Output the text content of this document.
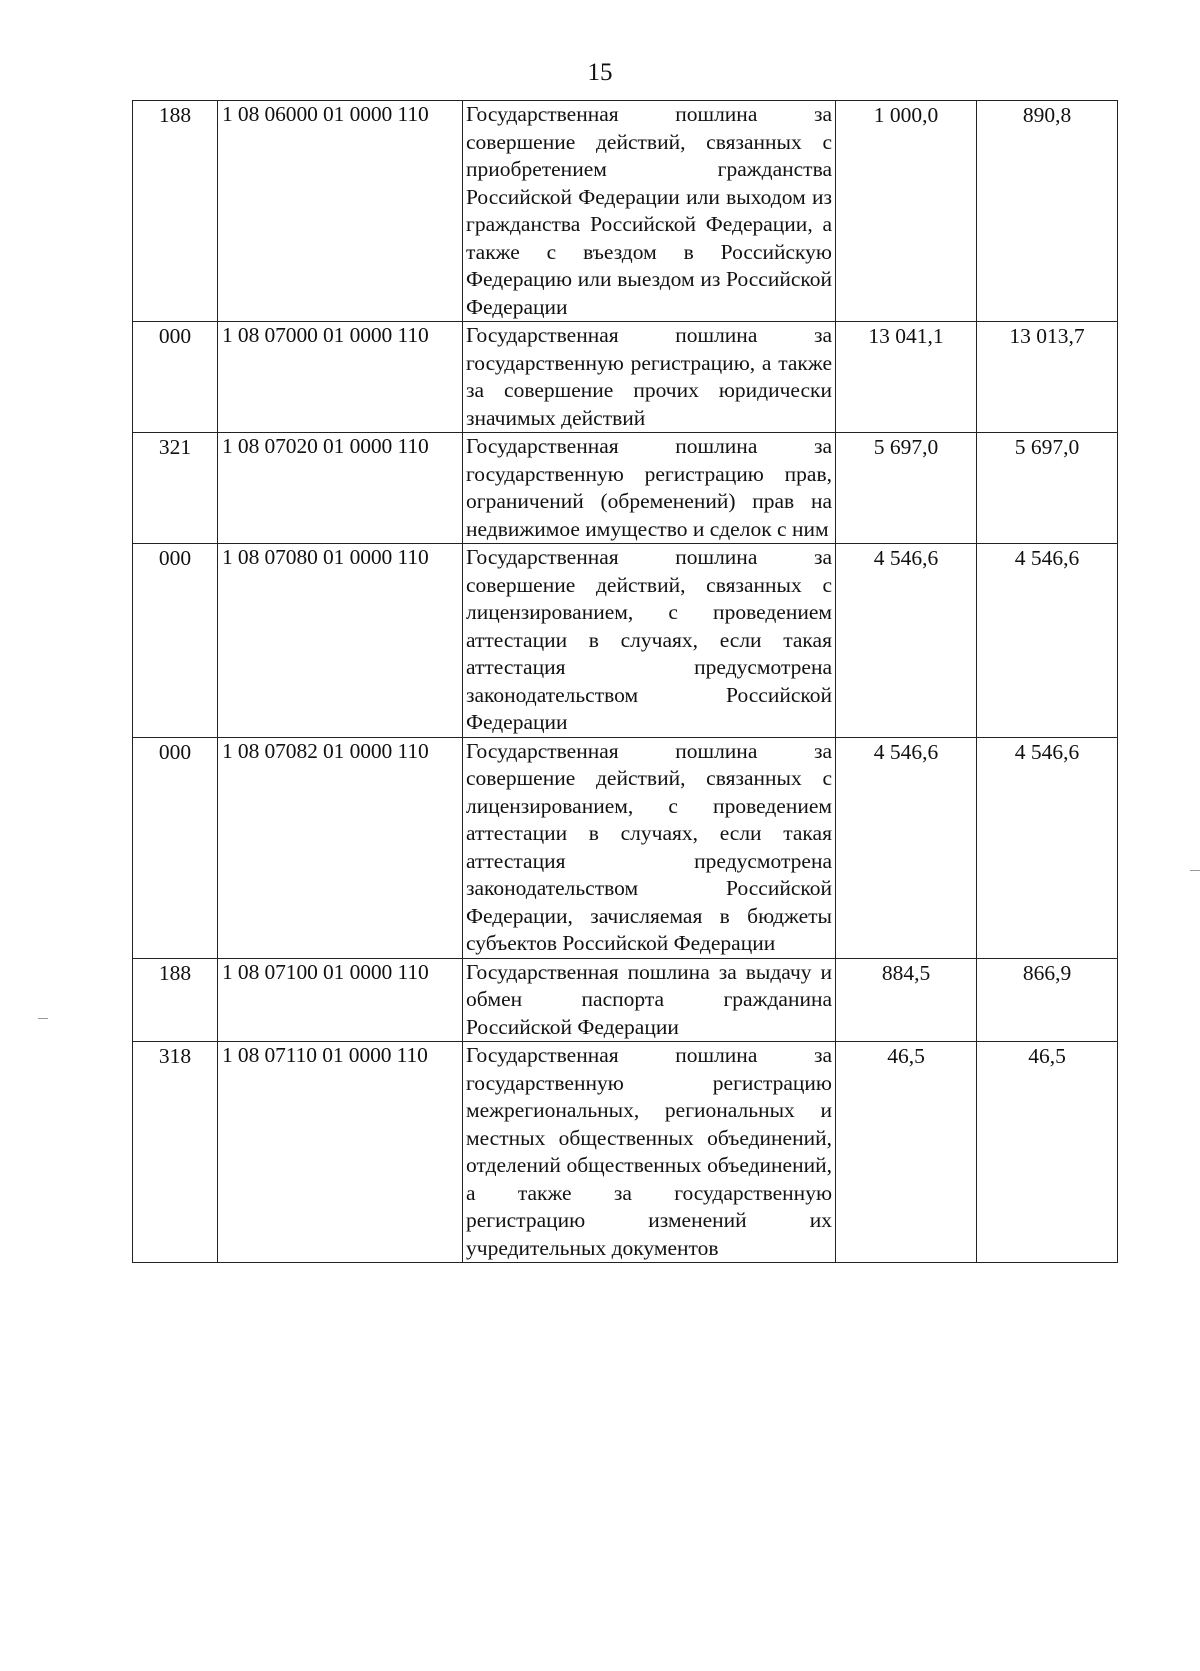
15
188	1 08 06000 01 0000 110	Государственная пошлина за совершение действий, связанных с приобретением гражданства Российской Федерации или выходом из гражданства Российской Федерации, а также с въездом в Российскую Федерацию или выездом из Российской Федерации	1 000,0	890,8
000	1 08 07000 01 0000 110	Государственная пошлина за государственную регистрацию, а также за совершение прочих юридически значимых действий	13 041,1	13 013,7
321	1 08 07020 01 0000 110	Государственная пошлина за государственную регистрацию прав, ограничений (обременений) прав на недвижимое имущество и сделок с ним	5 697,0	5 697,0
000	1 08 07080 01 0000 110	Государственная пошлина за совершение действий, связанных с лицензированием, с проведением аттестации в случаях, если такая аттестация предусмотрена законодательством Российской Федерации	4 546,6	4 546,6
000	1 08 07082 01 0000 110	Государственная пошлина за совершение действий, связанных с лицензированием, с проведением аттестации в случаях, если такая аттестация предусмотрена законодательством Российской Федерации, зачисляемая в бюджеты субъектов Российской Федерации	4 546,6	4 546,6
188	1 08 07100 01 0000 110	Государственная пошлина за выдачу и обмен паспорта гражданина Российской Федерации	884,5	866,9
318	1 08 07110 01 0000 110	Государственная пошлина за государственную регистрацию межрегиональных, региональных и местных общественных объединений, отделений общественных объединений, а также за государственную регистрацию изменений их учредительных документов	46,5	46,5
